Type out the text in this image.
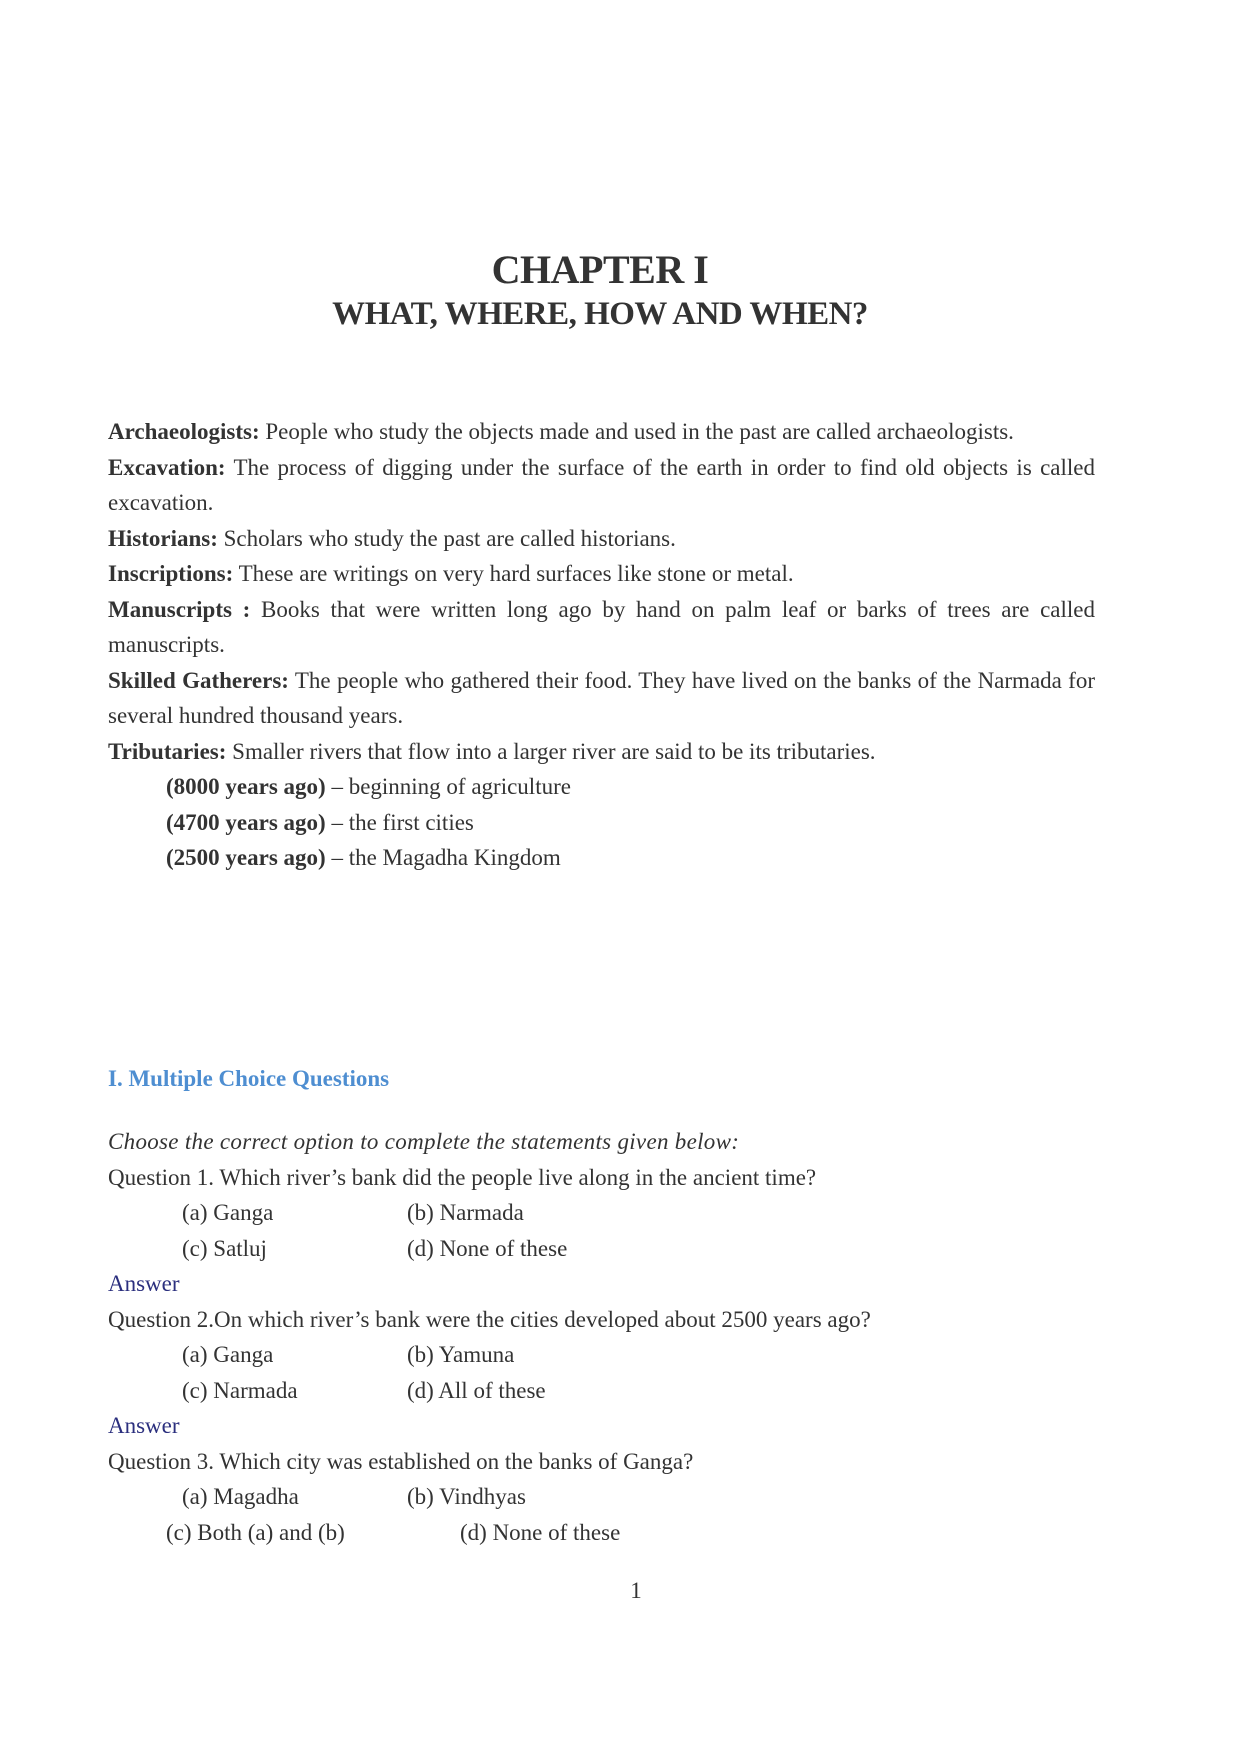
CHAPTER I
WHAT, WHERE, HOW AND WHEN?

Archaeologists: People who study the objects made and used in the past are called archaeologists.

Excavation: The process of digging under the surface of the earth in order to find old objects is called excavation.

Historians: Scholars who study the past are called historians.

Inscriptions: These are writings on very hard surfaces like stone or metal.

Manuscripts : Books that were written long ago by hand on palm leaf or barks of trees are called manuscripts.

Skilled Gatherers: The people who gathered their food. They have lived on the banks of the Narmada for several hundred thousand years.

Tributaries: Smaller rivers that flow into a larger river are said to be its tributaries.

(8000 years ago) – beginning of agriculture

(4700 years ago) – the first cities

(2500 years ago) – the Magadha Kingdom

I. Multiple Choice Questions

Choose the correct option to complete the statements given below:

Question 1. Which river’s bank did the people live along in the ancient time?

(a) Ganga	(b) Narmada
(c) Satluj	(d) None of these

Answer

Question 2.On which river’s bank were the cities developed about 2500 years ago?

(a) Ganga	(b) Yamuna
(c) Narmada	(d) All of these

Answer

Question 3. Which city was established on the banks of Ganga?

(a) Magadha	(b) Vindhyas
(c) Both (a) and (b)	(d) None of these
1
